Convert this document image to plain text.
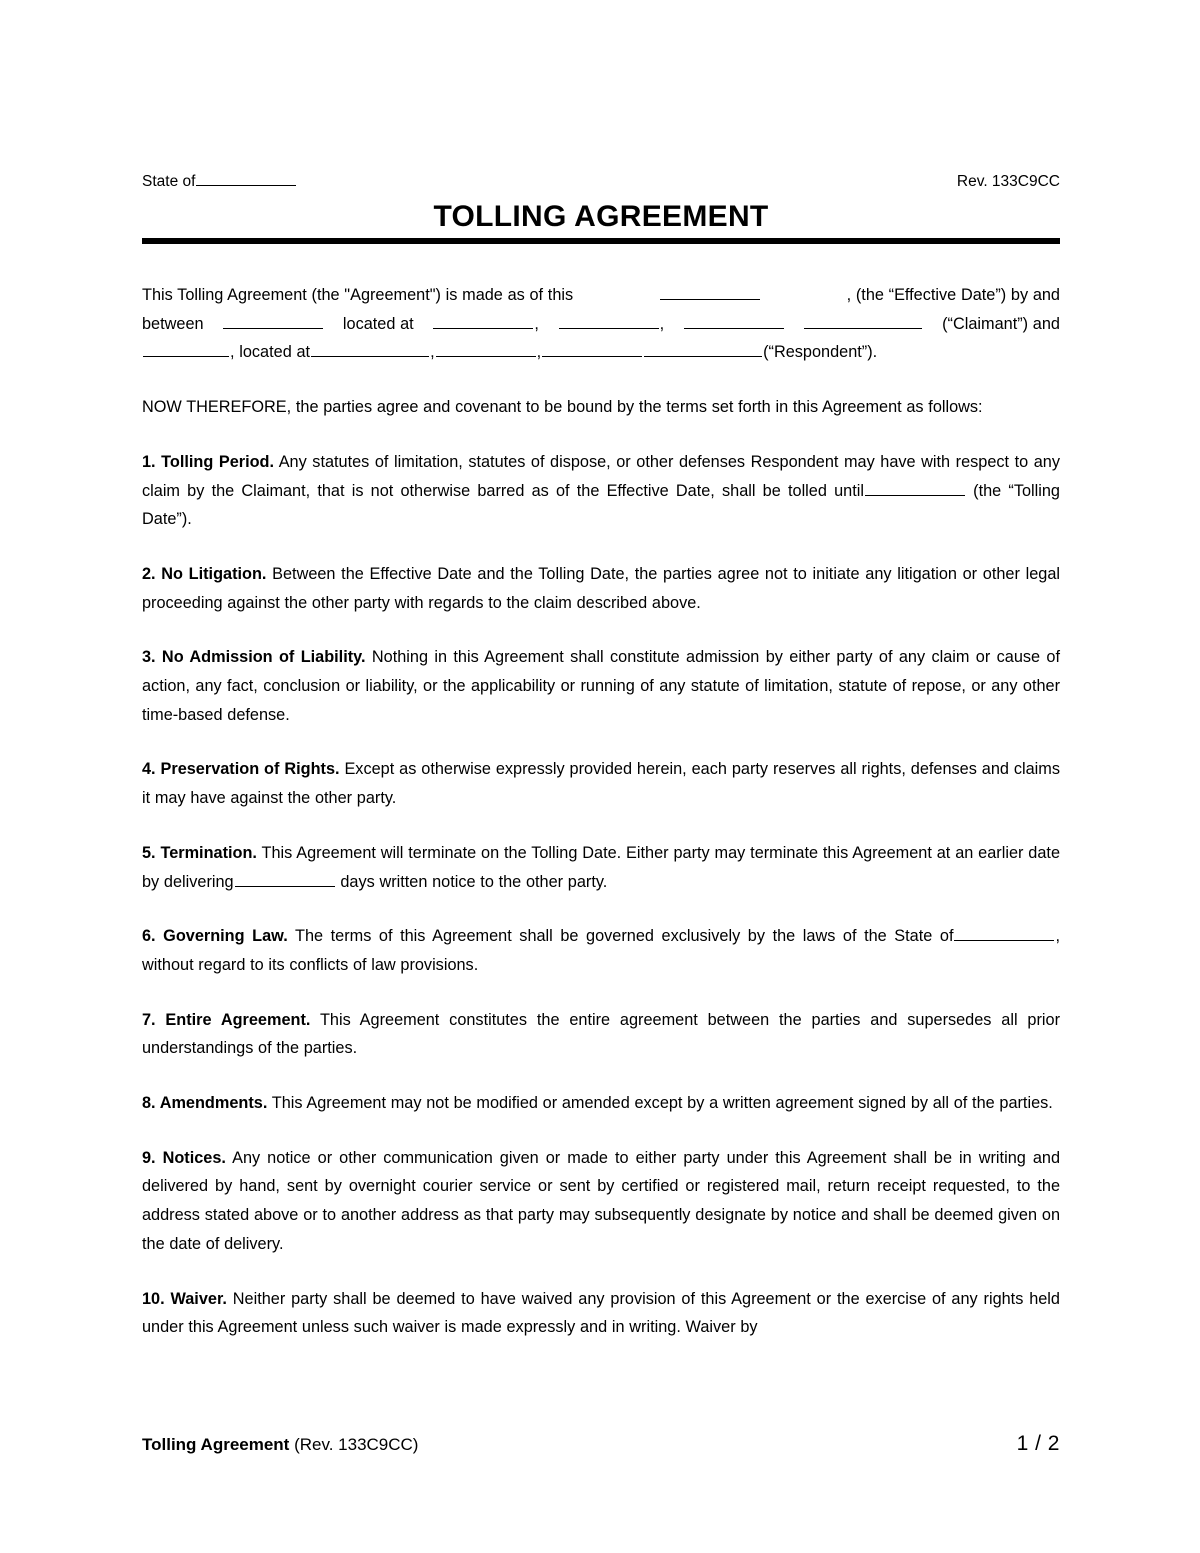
State of	Rev. 133C9CC
TOLLING AGREEMENT

This Tolling Agreement (the "Agreement") is made as of this	, (the “Effective Date”) by and
between	located at	,	,	(“Claimant”) and
, located at	,	,	(“Respondent”).

NOW THEREFORE, the parties agree and covenant to be bound by the terms set forth in this Agreement as follows:

1. Tolling Period. Any statutes of limitation, statutes of dispose, or other defenses Respondent may have with respect to any claim by the Claimant, that is not otherwise barred as of the Effective Date, shall be tolled until	(the “Tolling Date”).

2. No Litigation. Between the Effective Date and the Tolling Date, the parties agree not to initiate any litigation or other legal proceeding against the other party with regards to the claim described above.

3. No Admission of Liability. Nothing in this Agreement shall constitute admission by either party of any claim or cause of action, any fact, conclusion or liability, or the applicability or running of any statute of limitation, statute of repose, or any other time-based defense.

4. Preservation of Rights. Except as otherwise expressly provided herein, each party reserves all rights, defenses and claims it may have against the other party.

5. Termination. This Agreement will terminate on the Tolling Date. Either party may terminate this Agreement at an earlier date by delivering	days written notice to the other party.

6. Governing Law. The terms of this Agreement shall be governed exclusively by the laws of the State of	, without regard to its conflicts of law provisions.

7. Entire Agreement. This Agreement constitutes the entire agreement between the parties and supersedes all prior understandings of the parties.

8. Amendments. This Agreement may not be modified or amended except by a written agreement signed by all of the parties.

9. Notices. Any notice or other communication given or made to either party under this Agreement shall be in writing and delivered by hand, sent by overnight courier service or sent by certified or registered mail, return receipt requested, to the address stated above or to another address as that party may subsequently designate by notice and shall be deemed given on the date of delivery.

10. Waiver. Neither party shall be deemed to have waived any provision of this Agreement or the exercise of any rights held under this Agreement unless such waiver is made expressly and in writing. Waiver by

Tolling Agreement (Rev. 133C9CC)	1 / 2
